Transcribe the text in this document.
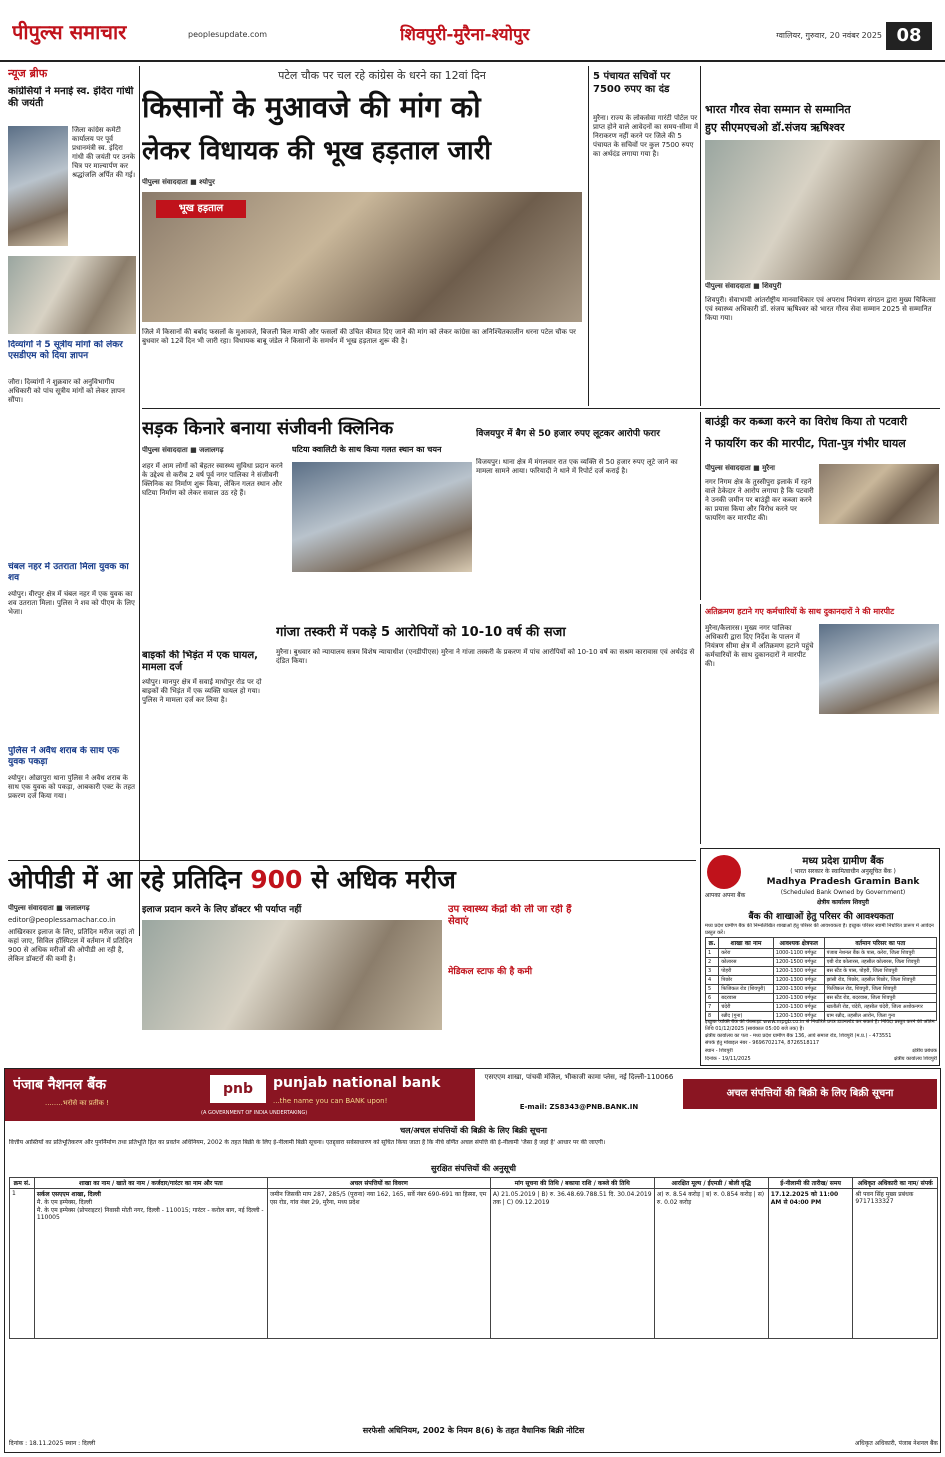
पीपुल्स समाचार	peoplesupdate.com	शिवपुरी-मुरैना-श्योपुर	ग्वालियर, गुरुवार, 20 नवंबर 2025 08
न्यूज ब्रीफ
कांग्रेसियों ने मनाई स्व. इंदिरा गांधी की जयंती
जिला कांग्रेस कमेटी कार्यालय पर पूर्व प्रधानमंत्री स्व. इंदिरा गांधी की जयंती पर उनके चित्र पर माल्यार्पण कर श्रद्धांजलि अर्पित की गई।
दिव्यांगों ने 5 सूत्रीय मांगों को लेकर एसडीएम को दिया ज्ञापन
जौरा। दिव्यांगों ने शुक्रवार को अनुविभागीय अधिकारी को पांच सूत्रीय मांगों को लेकर ज्ञापन सौंपा।
चंबल नहर में उतराता मिला युवक का शव
श्योपुर। वीरपुर क्षेत्र में चंबल नहर में एक युवक का शव उतराता मिला। पुलिस ने शव को पीएम के लिए भेजा।
पुलिस ने अवैध शराब के साथ एक युवक पकड़ा
श्योपुर। ओछापुरा थाना पुलिस ने अवैध शराब के साथ एक युवक को पकड़ा, आबकारी एक्ट के तहत प्रकरण दर्ज किया गया।
पटेल चौक पर चल रहे कांग्रेस के धरने का 12वां दिन
किसानों के मुआवजे की मांग को
लेकर विधायक की भूख हड़ताल जारी
पीपुल्स संवाददाता ■ श्योपुर
भूख हड़ताल
जिले में किसानों की बर्बाद फसलों के मुआवजे, बिजली बिल माफी और फसलों की उचित कीमत दिए जाने की मांग को लेकर कांग्रेस का अनिश्चितकालीन धरना पटेल चौक पर बुधवार को 12वें दिन भी जारी रहा। विधायक बाबू जंडेल ने किसानों के समर्थन में भूख हड़ताल शुरू की है।
5 पंचायत सचिवों पर 7500 रुपए का दंड
मुरैना। राज्य के लोकसेवा गारंटी पोर्टल पर प्राप्त होने वाले आवेदनों का समय-सीमा में निराकरण नहीं करने पर जिले की 5 पंचायत के सचिवों पर कुल 7500 रुपए का अर्थदंड लगाया गया है।
भारत गौरव सेवा सम्मान से सम्मानित
हुए सीएमएचओ डॉ.संजय ऋषिश्वर
पीपुल्स संवाददाता ■ शिवपुरी
शिवपुरी। सेवाभावी आंतर्राष्ट्रीय मानवाधिकार एवं अपराध नियंत्रण संगठन द्वारा मुख्य चिकित्सा एवं स्वास्थ्य अधिकारी डॉ. संजय ऋषिश्वर को भारत गौरव सेवा सम्मान 2025 से सम्मानित किया गया।
सड़क किनारे बनाया संजीवनी क्लिनिक
पीपुल्स संवाददाता ■ जलालगढ़	घटिया क्वालिटी के साथ किया गलत स्थान का चयन
शहर में आम लोगों को बेहतर स्वास्थ्य सुविधा प्रदान करने के उद्देश्य से करीब 2 वर्ष पूर्व नगर पालिका ने संजीवनी क्लिनिक का निर्माण शुरू किया, लेकिन गलत स्थान और घटिया निर्माण को लेकर सवाल उठ रहे हैं।
विजयपुर में बैग से 50 हजार रुपए लूटकर आरोपी फरार
विजयपुर। थाना क्षेत्र में मंगलवार रात एक व्यक्ति से 50 हजार रुपए लूटे जाने का मामला सामने आया। फरियादी ने थाने में रिपोर्ट दर्ज कराई है।
बाइकों की भिड़ंत में एक घायल, मामला दर्ज
श्योपुर। मानपुर क्षेत्र में सवाई माधोपुर रोड पर दो बाइकों की भिड़ंत में एक व्यक्ति घायल हो गया। पुलिस ने मामला दर्ज कर लिया है।
गांजा तस्करी में पकड़े 5 आरोपियों को 10-10 वर्ष की सजा
मुरैना। बुधवार को न्यायालय सत्रम विशेष न्यायाधीश (एनडीपीएस) मुरैना ने गांजा तस्करी के प्रकरण में पांच आरोपियों को 10-10 वर्ष का सश्रम कारावास एवं अर्थदंड से दंडित किया।
बाउंड्री कर कब्जा करने का विरोध किया तो पटवारी
ने फायरिंग कर की मारपीट, पिता-पुत्र गंभीर घायल
पीपुल्स संवाददाता ■ मुरैना
नगर निगम क्षेत्र के तुस्सीपुरा इलाके में रहने वाले ठेकेदार ने आरोप लगाया है कि पटवारी ने उनकी जमीन पर बाउंड्री कर कब्जा करने का प्रयास किया और विरोध करने पर फायरिंग कर मारपीट की।
अतिक्रमण हटाने गए कर्मचारियों के साथ दुकानदारों ने की मारपीट
मुरैना/कैलारस। मुख्य नगर पालिका अधिकारी द्वारा दिए निर्देश के पालन में नियंत्रण सीमा क्षेत्र में अतिक्रमण हटाने पहुंचे कर्मचारियों के साथ दुकानदारों ने मारपीट की।
ओपीडी में आ रहे प्रतिदिन 900 से अधिक मरीज
पीपुल्स संवाददाता ■ जलालगढ़
editor@peoplessamachar.co.in
आखिरकार इलाज के लिए, प्रतिदिन मरीज जहां तो कहां जाए, सिविल हॉस्पिटल में वर्तमान में प्रतिदिन 900 से अधिक मरीजों की ओपीडी आ रही है, लेकिन डॉक्टरों की कमी है।
इलाज प्रदान करने के लिए डॉक्टर भी पर्याप्त नहीं	उप स्वास्थ्य केंद्रों की ली जा रही हैं सेवाएं
मेडिकल स्टाफ की है कमी
आपका अपना बैंक
मध्य प्रदेश ग्रामीण बैंक
( भारत सरकार के स्वामित्वाधीन अनुसूचित बैंक )
Madhya Pradesh Gramin Bank
(Scheduled Bank Owned by Government)
क्षेत्रीय कार्यालय शिवपुरी
बैंक की शाखाओं हेतु परिसर की आवश्यकता
मध्य प्रदेश ग्रामीण बैंक की निम्नलिखित शाखाओं हेतु परिसर की आवश्यकता है। इच्छुक परिसर स्वामी निर्धारित प्रारूप में आवेदन प्रस्तुत करें।
क्र.	शाखा का नाम	आवश्यक क्षेत्रफल	वर्तमान परिसर का पता
1	करेरा	1000-1100 वर्गफुट	पंजाब नेशनल बैंक के पास, करेरा, जिला शिवपुरी
2	कोलारस	1200-1500 वर्गफुट	एबी रोड कोलारस, तहसील कोलारस, जिला शिवपुरी
3	पोहरी	1200-1300 वर्गफुट	बस स्टैंड के पास, पोहरी, जिला शिवपुरी
4	पिछोर	1200-1300 वर्गफुट	झांसी रोड, पिछोर, तहसील पिछोर, जिला शिवपुरी
5	फिजिकल रोड (शिवपुरी)	1200-1300 वर्गफुट	फिजिकल रोड, शिवपुरी, जिला शिवपुरी
6	बदरवास	1200-1300 वर्गफुट	बस स्टैंड रोड, बदरवास, जिला शिवपुरी
7	चंदेरी	1200-1300 वर्गफुट	खातौली रोड, चंदेरी, तहसील चंदेरी, जिला अशोकनगर
8	रन्नौद (गुना)	1200-1300 वर्गफुट	ग्राम रन्नौद, तहसील आरोन, जिला गुना
इच्छुक व्यक्ति बैंक की वेबसाइट www.mpgb.co.in से निर्धारित प्रपत्र डाउनलोड कर सकते हैं। निविदा प्रस्तुत करने की अंतिम तिथि 01/12/2025 (सायंकाल 05:00 बजे तक) है।
क्षेत्रीय कार्यालय का पता - मध्य प्रदेश ग्रामीण बैंक 136, आर्य समाज रोड, शिवपुरी (म.प्र.) - 473551
संपर्क हेतु मोबाइल नंबर - 9696702174, 8726518117
स्थान - शिवपुरी
दिनांक - 19/11/2025
क्षेत्रीय प्रबंधक
क्षेत्रीय कार्यालय शिवपुरी
पंजाब नैशनल बैंक
........भरोसे का प्रतीक !
pnb	punjab national bank
...the name you can BANK upon!
(A GOVERNMENT OF INDIA UNDERTAKING)
एसएएम शाखा, पांचवी मंजिल, भीकाजी कामा प्लेस, नई दिल्ली-110066
E-mail: ZS8343@PNB.BANK.IN
अचल संपत्तियों की बिक्री के लिए बिक्री सूचना
चल/अचल संपत्तियों की बिक्री के लिए बिक्री सूचना
वित्तीय आस्तियों का प्रतिभूतिकरण और पुनर्निर्माण तथा प्रतिभूति हित का प्रवर्तन अधिनियम, 2002 के तहत बिक्री के लिए ई-नीलामी बिक्री सूचना। एतद्द्वारा सर्वसाधारण को सूचित किया जाता है कि नीचे वर्णित अचल संपत्ति की ई-नीलामी 'जैसा है जहां है' आधार पर की जाएगी।
सुरक्षित संपत्तियों की अनुसूची
क्रम सं.	शाखा का नाम / खाते का नाम / कर्जदार/गारंटर का नाम और पता	अचल संपत्तियों का विवरण	मांग सूचना की तिथि / बकाया राशि / कब्जे की तिथि	आरक्षित मूल्य / ईएमडी / बोली वृद्धि	ई-नीलामी की तारीख/ समय	अधिकृत अधिकारी का नाम/ संपर्क
1	सर्कल एसएएम शाखा, दिल्ली
मै. के एम इम्पेक्स, दिल्ली
मै. के एम इम्पेक्स (प्रोपराइटर) निवासी मोती नगर, दिल्ली - 110015; गारंटर - करोल बाग, नई दिल्ली - 110005	जमीन जिसकी माप 287, 285/5 (पुराना) नया 162, 165, सर्वे नंबर 690-691 का हिस्सा, एम एस रोड, गांव नंबर 29, मुरैना, मध्य प्रदेश	A) 21.05.2019 | B) रु. 36.48.69.788.51 दि. 30.04.2019 तक | C) 09.12.2019	अ) रु. 8.54 करोड़ | ब) रु. 0.854 करोड़ | स) रु. 0.02 करोड़	17.12.2025 को 11:00 AM से 04:00 PM	श्री पवन सिंह मुख्य प्रबंधक 9717133327
सरफेसी अधिनियम, 2002 के नियम 8(6) के तहत वैधानिक बिक्री नोटिस
दिनांक : 18.11.2025 स्थान : दिल्ली	अधिकृत अधिकारी, पंजाब नेशनल बैंक
